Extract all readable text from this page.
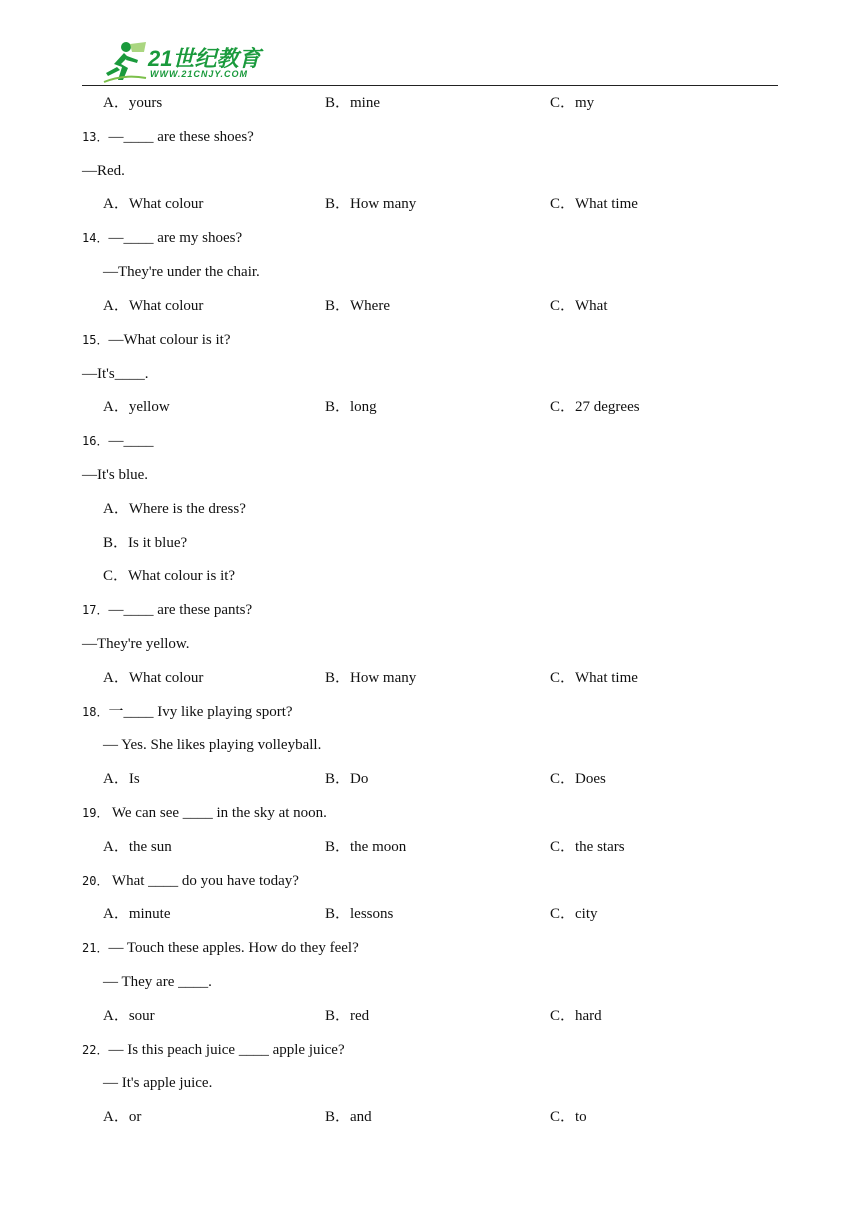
21世纪教育
WWW.21CNJY.COM
A．yours	B．mine	C．my
13．—____ are these shoes?
—Red.
A．What colour	B．How many	C．What time
14．—____ are my shoes?
—They're under the chair.
A．What colour	B．Where	C．What
15．—What colour is it?
—It's____.
A．yellow	B．long	C．27 degrees
16．—____
—It's blue.
A．Where is the dress?
B．Is it blue?
C．What colour is it?
17．—____ are these pants?
—They're yellow.
A．What colour	B．How many	C．What time
18．一____ Ivy like playing sport?
— Yes. She likes playing volleyball.
A．Is	B．Do	C．Does
19． We can see ____ in the sky at noon.
A．the sun	B．the moon	C．the stars
20． What ____ do you have today?
A．minute	B．lessons	C．city
21．— Touch these apples. How do they feel?
— They are ____.
A．sour	B．red	C．hard
22．— Is this peach juice ____ apple juice?
— It's apple juice.
A．or	B．and	C．to
